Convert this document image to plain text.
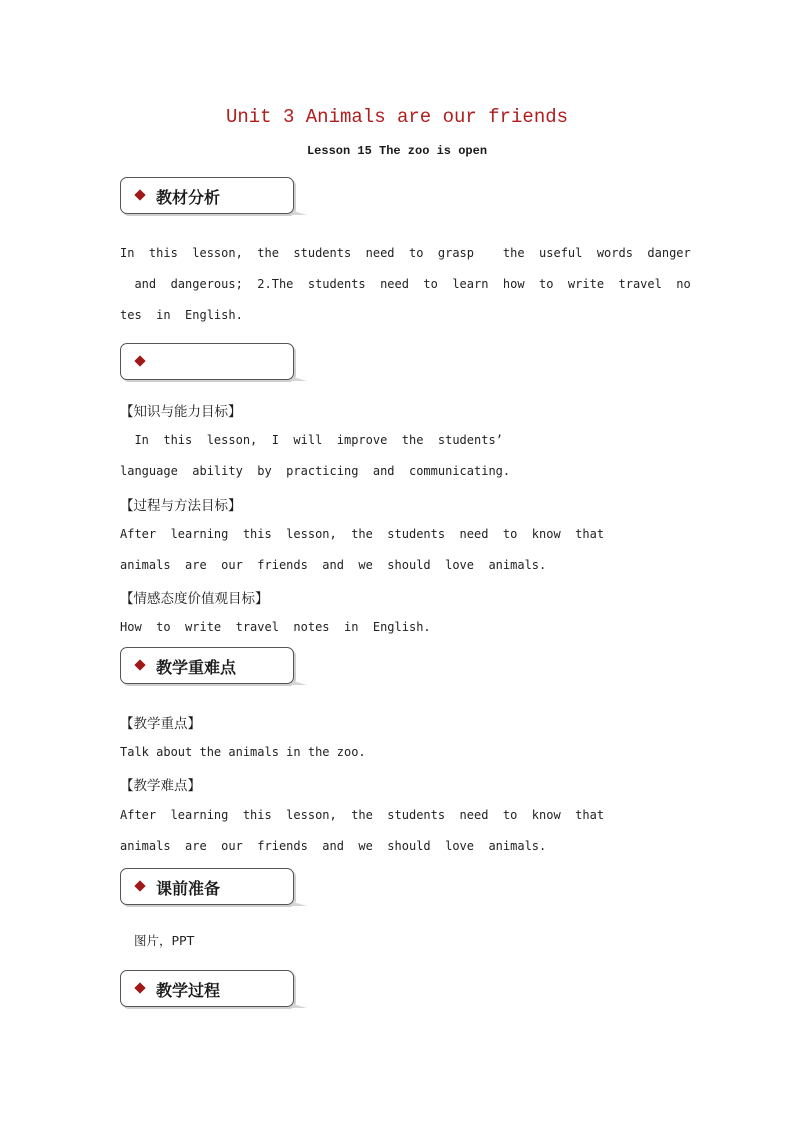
Unit 3 Animals are our friends
Lesson 15 The zoo is open
教材分析
In  this  lesson,  the  students  need  to  grasp    the  useful  words  danger
and  dangerous;  2.The  students  need  to  learn  how  to  write  travel  no
tes  in  English.
【知识与能力目标】
In  this  lesson,  I  will  improve  the  students’
language  ability  by  practicing  and  communicating.
【过程与方法目标】
After  learning  this  lesson,  the  students  need  to  know  that
animals  are  our  friends  and  we  should  love  animals.
【情感态度价值观目标】
How  to  write  travel  notes  in  English.
教学重难点
【教学重点】
Talk about the animals in the zoo.
【教学难点】
After  learning  this  lesson,  the  students  need  to  know  that
animals  are  our  friends  and  we  should  love  animals.
课前准备
图片，PPT
教学过程
